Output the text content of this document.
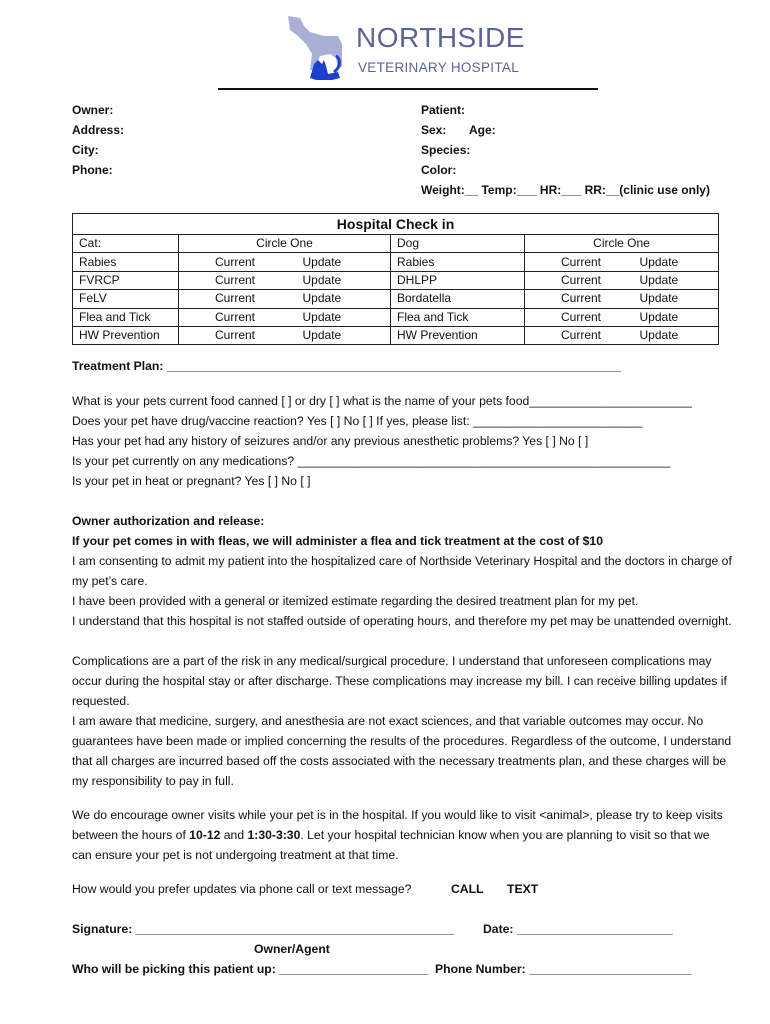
NORTHSIDE
VETERINARY HOSPITAL
Owner:
Address:
City:
Phone:
Patient:
Sex: Age:
Species:
Color:
Weight:__ Temp:___ HR:___ RR:__(clinic use only)
Hospital Check in			
Cat:	Circle One	Dog	Circle One
Rabies	Current Update	Rabies	Current Update

FVRCP	Current Update	DHLPP	Current Update

FeLV	Current Update	Bordatella	Current Update

Flea and Tick	Current Update	Flea and Tick	Current Update

HW Prevention	Current Update	HW Prevention	Current Update
Treatment Plan: ___________________________________________________________________
What is your pets current food canned [ ] or dry [ ] what is the name of your pets food________________________
Does your pet have drug/vaccine reaction? Yes [ ] No [ ] If yes, please list: _________________________
Has your pet had any history of seizures and/or any previous anesthetic problems? Yes [ ] No [ ]
Is your pet currently on any medications? _______________________________________________________
Is your pet in heat or pregnant? Yes [ ] No [ ]
Owner authorization and release:
If your pet comes in with fleas, we will administer a flea and tick treatment at the cost of $10
I am consenting to admit my patient into the hospitalized care of Northside Veterinary Hospital and the doctors in charge of my pet’s care.
I have been provided with a general or itemized estimate regarding the desired treatment plan for my pet.
I understand that this hospital is not staffed outside of operating hours, and therefore my pet may be unattended overnight.
Complications are a part of the risk in any medical/surgical procedure. I understand that unforeseen complications may occur during the hospital stay or after discharge. These complications may increase my bill. I can receive billing updates if requested.
I am aware that medicine, surgery, and anesthesia are not exact sciences, and that variable outcomes may occur. No guarantees have been made or implied concerning the results of the procedures. Regardless of the outcome, I understand that all charges are incurred based off the costs associated with the necessary treatments plan, and these charges will be my responsibility to pay in full.
We do encourage owner visits while your pet is in the hospital. If you would like to visit <animal>, please try to keep visits between the hours of 10-12 and 1:30-3:30. Let your hospital technician know when you are planning to visit so that we can ensure your pet is not undergoing treatment at that time.
How would you prefer updates via phone call or text message?	CALL TEXT
Signature: _______________________________________________ Date: _______________________
Owner/Agent
Who will be picking this patient up: ______________________ Phone Number: ________________________
